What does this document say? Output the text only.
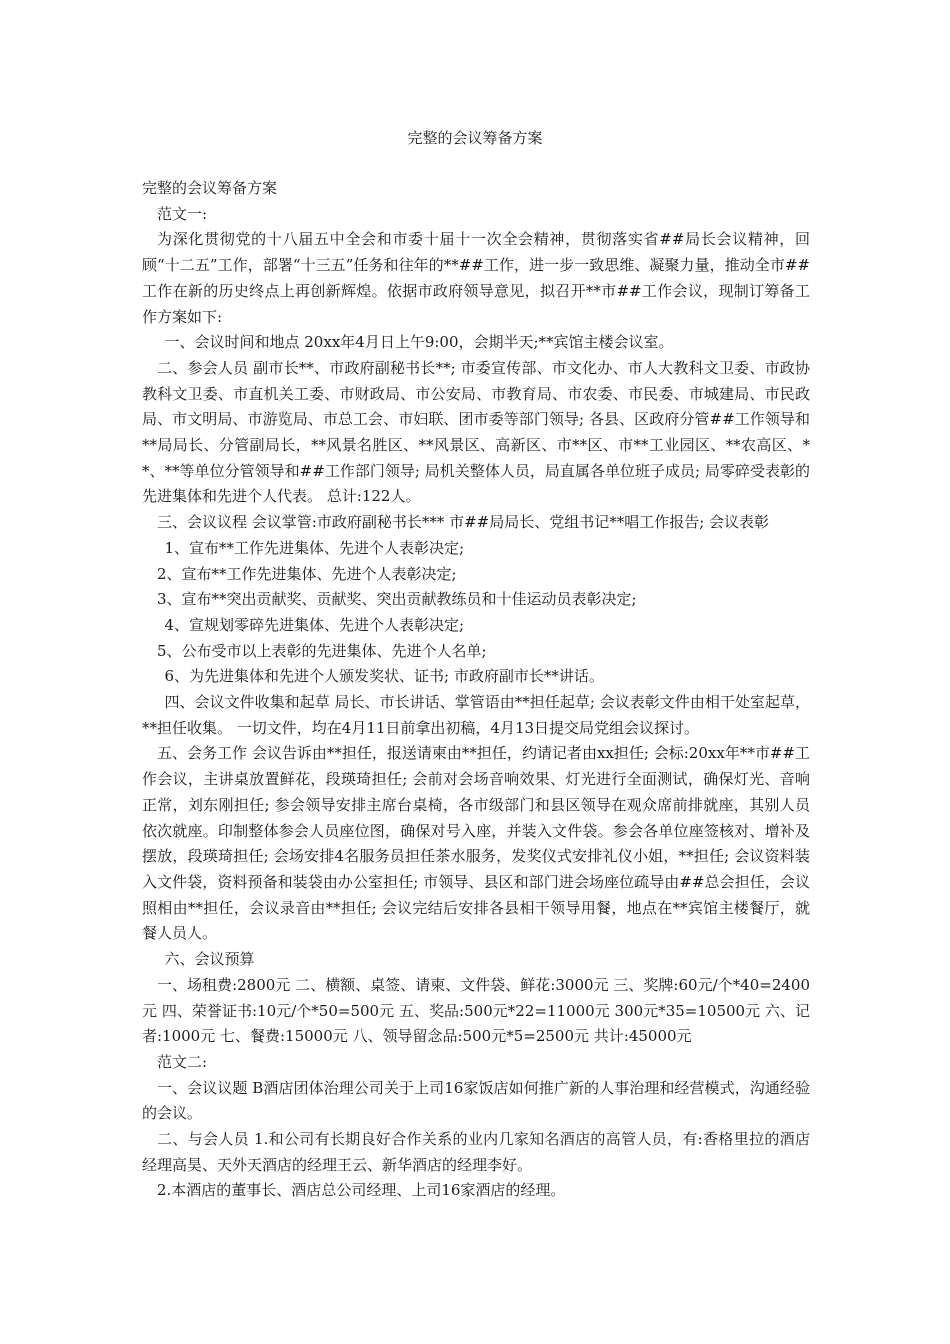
完整的会议筹备方案

完整的会议筹备方案

范文一:

为深化贯彻党的十八届五中全会和市委十届十一次全会精神，贯彻落实省##局长会议精神，回顾“十二五”工作，部署“十三五”任务和往年的**##工作，进一步一致思维、凝聚力量，推动全市##工作在新的历史终点上再创新辉煌。依据市政府领导意见，拟召开**市##工作会议，现制订筹备工作方案如下:

一、会议时间和地点 20xx年4月日上午9:00，会期半天;**宾馆主楼会议室。

二、参会人员 副市长**、市政府副秘书长**; 市委宣传部、市文化办、市人大教科文卫委、市政协教科文卫委、市直机关工委、市财政局、市公安局、市教育局、市农委、市民委、市城建局、市民政局、市文明局、市游览局、市总工会、市妇联、团市委等部门领导; 各县、区政府分管##工作领导和**局局长、分管副局长，**风景名胜区、**风景区、高新区、市**区、市**工业园区、**农高区、**、**等单位分管领导和##工作部门领导; 局机关整体人员，局直属各单位班子成员; 局零碎受表彰的先进集体和先进个人代表。 总计:122人。

三、会议议程 会议掌管:市政府副秘书长*** 市##局局长、党组书记**唱工作报告; 会议表彰

1、宣布**工作先进集体、先进个人表彰决定;

2、宣布**工作先进集体、先进个人表彰决定;

3、宣布**突出贡献奖、贡献奖、突出贡献教练员和十佳运动员表彰决定;

4、宣规划零碎先进集体、先进个人表彰决定;

5、公布受市以上表彰的先进集体、先进个人名单;

6、为先进集体和先进个人颁发奖状、证书; 市政府副市长**讲话。

四、会议文件收集和起草 局长、市长讲话、掌管语由**担任起草; 会议表彰文件由相干处室起草，**担任收集。 一切文件，均在4月11日前拿出初稿，4月13日提交局党组会议探讨。

五、会务工作 会议告诉由**担任，报送请柬由**担任，约请记者由xx担任; 会标:20xx年**市##工作会议，主讲桌放置鲜花，段瑛琦担任; 会前对会场音响效果、灯光进行全面测试，确保灯光、音响正常，刘东刚担任; 参会领导安排主席台桌椅，各市级部门和县区领导在观众席前排就座，其别人员依次就座。印制整体参会人员座位图，确保对号入座，并装入文件袋。参会各单位座签核对、增补及摆放，段瑛琦担任; 会场安排4名服务员担任茶水服务，发奖仪式安排礼仪小姐，**担任; 会议资料装入文件袋，资料预备和装袋由办公室担任; 市领导、县区和部门进会场座位疏导由##总会担任，会议照相由**担任，会议录音由**担任; 会议完结后安排各县相干领导用餐，地点在**宾馆主楼餐厅，就餐人员人。

六、会议预算

一、场租费:2800元 二、横额、桌签、请柬、文件袋、鲜花:3000元 三、奖牌:60元/个*40=2400元 四、荣誉证书:10元/个*50=500元 五、奖品:500元*22=11000元 300元*35=10500元 六、记者:1000元 七、餐费:15000元 八、领导留念品:500元*5=2500元 共计:45000元

范文二:

一、会议议题 B酒店团体治理公司关于上司16家饭店如何推广新的人事治理和经营模式，沟通经验的会议。

二、与会人员 1.和公司有长期良好合作关系的业内几家知名酒店的高管人员，有:香格里拉的酒店经理高昊、天外天酒店的经理王云、新华酒店的经理李好。

2.本酒店的董事长、酒店总公司经理、上司16家酒店的经理。
